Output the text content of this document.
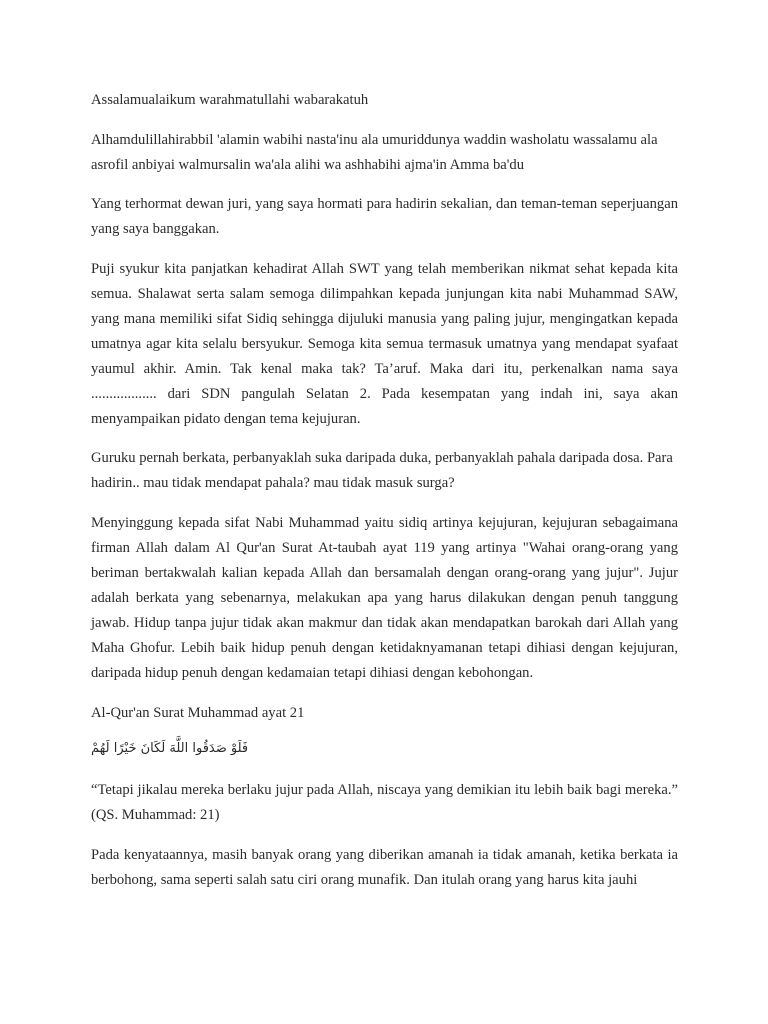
Assalamualaikum warahmatullahi wabarakatuh

Alhamdulillahirabbil 'alamin wabihi nasta'inu ala umuriddunya waddin washolatu wassalamu ala asrofil anbiyai walmursalin wa'ala alihi wa ashhabihi ajma'in Amma ba'du

Yang terhormat dewan juri, yang saya hormati para hadirin sekalian, dan teman-teman seperjuangan yang saya banggakan.

Puji syukur kita panjatkan kehadirat Allah SWT yang telah memberikan nikmat sehat kepada kita semua. Shalawat serta salam semoga dilimpahkan kepada junjungan kita nabi Muhammad SAW, yang mana memiliki sifat Sidiq sehingga dijuluki manusia yang paling jujur, mengingatkan kepada umatnya agar kita selalu bersyukur. Semoga kita semua termasuk umatnya yang mendapat syafaat yaumul akhir. Amin. Tak kenal maka tak? Ta’aruf. Maka dari itu, perkenalkan nama saya .................. dari SDN pangulah Selatan 2. Pada kesempatan yang indah ini, saya akan menyampaikan pidato dengan tema kejujuran.

Guruku pernah berkata, perbanyaklah suka daripada duka, perbanyaklah pahala daripada dosa. Para hadirin.. mau tidak mendapat pahala? mau tidak masuk surga?

Menyinggung kepada sifat Nabi Muhammad yaitu sidiq artinya kejujuran, kejujuran sebagaimana firman Allah dalam Al Qur'an Surat At-taubah ayat 119 yang artinya "Wahai orang-orang yang beriman bertakwalah kalian kepada Allah dan bersamalah dengan orang-orang yang jujur". Jujur adalah berkata yang sebenarnya, melakukan apa yang harus dilakukan dengan penuh tanggung jawab. Hidup tanpa jujur tidak akan makmur dan tidak akan mendapatkan barokah dari Allah yang Maha Ghofur. Lebih baik hidup penuh dengan ketidaknyamanan tetapi dihiasi dengan kejujuran, daripada hidup penuh dengan kedamaian tetapi dihiasi dengan kebohongan.

Al-Qur'an Surat Muhammad ayat 21

فَلَوْ صَدَقُوا اللَّهَ لَكَانَ خَيْرًا لَهُمْ

“Tetapi jikalau mereka berlaku jujur pada Allah, niscaya yang demikian itu lebih baik bagi mereka.” (QS. Muhammad: 21)

Pada kenyataannya, masih banyak orang yang diberikan amanah ia tidak amanah, ketika berkata ia berbohong, sama seperti salah satu ciri orang munafik. Dan itulah orang yang harus kita jauhi
